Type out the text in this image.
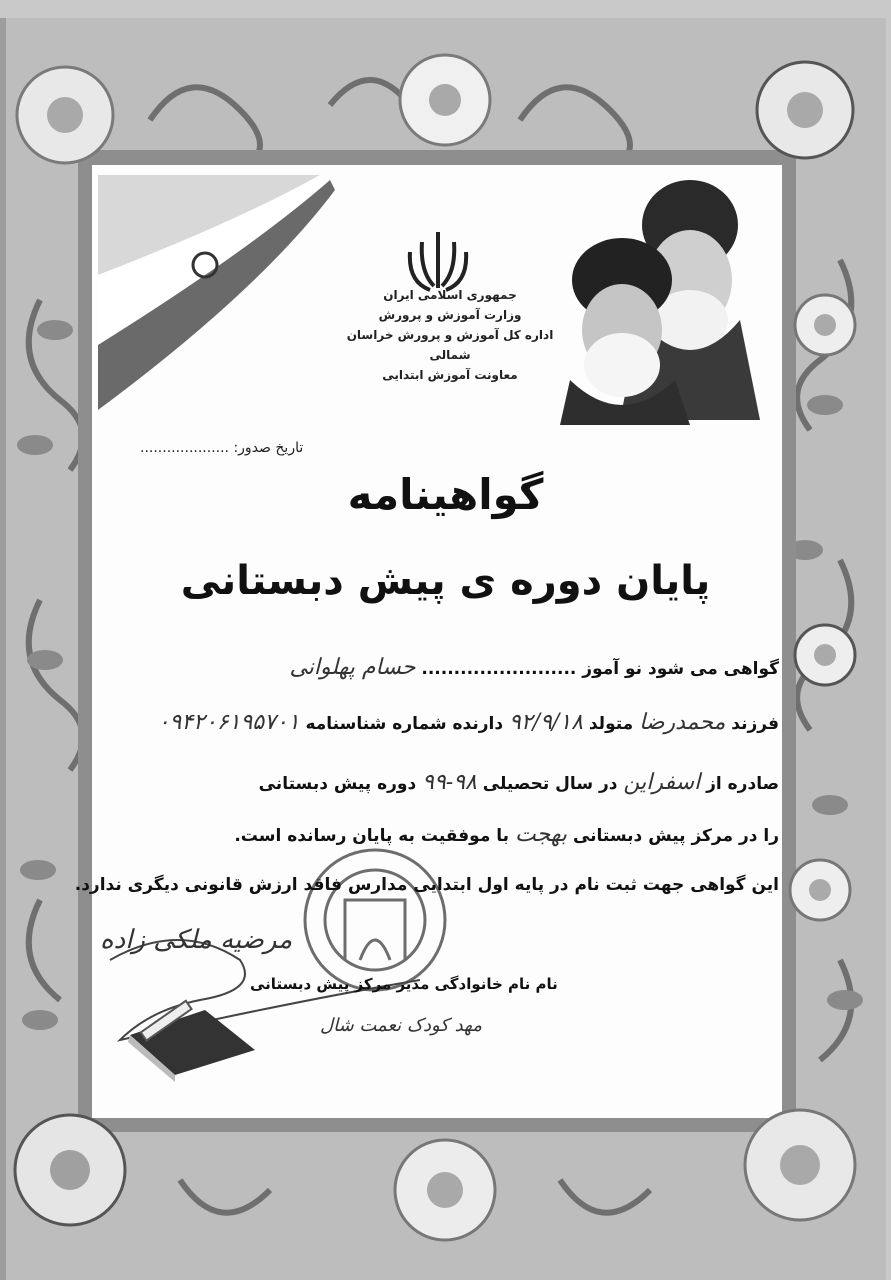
جمهوری اسلامی ایران
وزارت آموزش و پرورش
اداره کل آموزش و پرورش خراسان شمالی
معاونت آموزش ابتدایی
تاریخ صدور: ....................
گواهینامه
پایان دوره ی پیش دبستانی
گواهی می شود نو آموز ........................ حسام پهلوانی
فرزند محمدرضا متولد ۹۲/۹/۱۸ دارنده شماره شناسنامه ۰۹۴۲۰۶۱۹۵۷۰۱
صادره از اسفراین در سال تحصیلی ۹۸-۹۹ دوره پیش دبستانی
را در مرکز پیش دبستانی بهجت با موفقیت به پایان رسانده است.
این گواهی جهت ثبت نام در پایه اول ابتدایی مدارس فاقد ارزش قانونی دیگری ندارد.
مرضیه ملکی زاده
نام نام خانوادگی مدیر مرکز پیش دبستانی
مهد کودک نعمت شال
